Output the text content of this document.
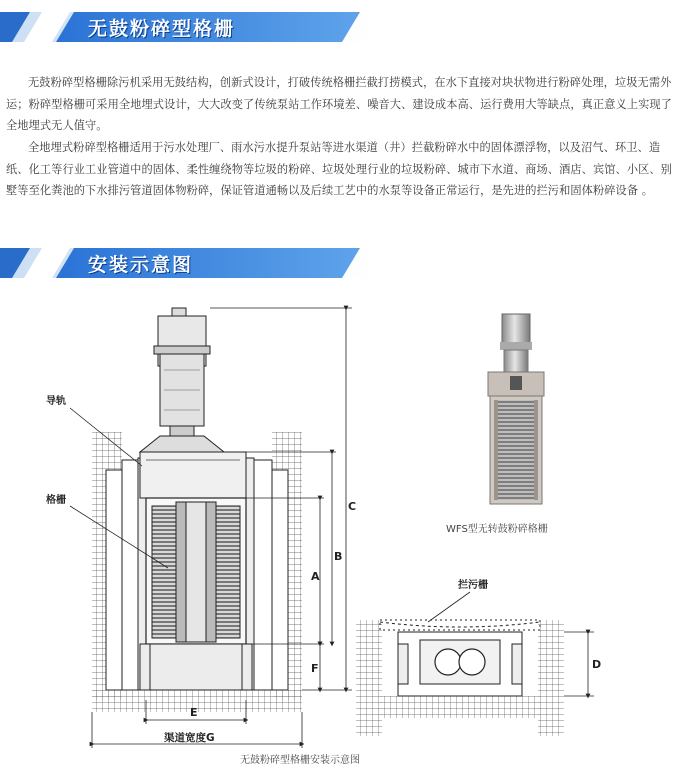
无鼓粉碎型格栅

无鼓粉碎型格栅除污机采用无鼓结构，创新式设计，打破传统格栅拦截打捞模式，在水下直接对块状物进行粉碎处理，垃圾无需外运；粉碎型格栅可采用全地埋式设计，大大改变了传统泵站工作环境差、噪音大、建设成本高、运行费用大等缺点，真正意义上实现了全地埋式无人值守。

全地埋式粉碎型格栅适用于污水处理厂、雨水污水提升泵站等进水渠道（井）拦截粉碎水中的固体漂浮物，以及沼气、环卫、造纸、化工等行业工业管道中的固体、柔性缠绕物等垃圾的粉碎、垃圾处理行业的垃圾粉碎、城市下水道、商场、酒店、宾馆、小区、别墅等至化粪池的下水排污管道固体物粉碎，保证管道通畅以及后续工艺中的水泵等设备正常运行，是先进的拦污和固体粉碎设备 。

安装示意图
导轨
格栅	C
B
A
F
E
渠道宽度G
无鼓粉碎型格栅安装示意图
WFS型无转鼓粉碎格栅
拦污栅
D
